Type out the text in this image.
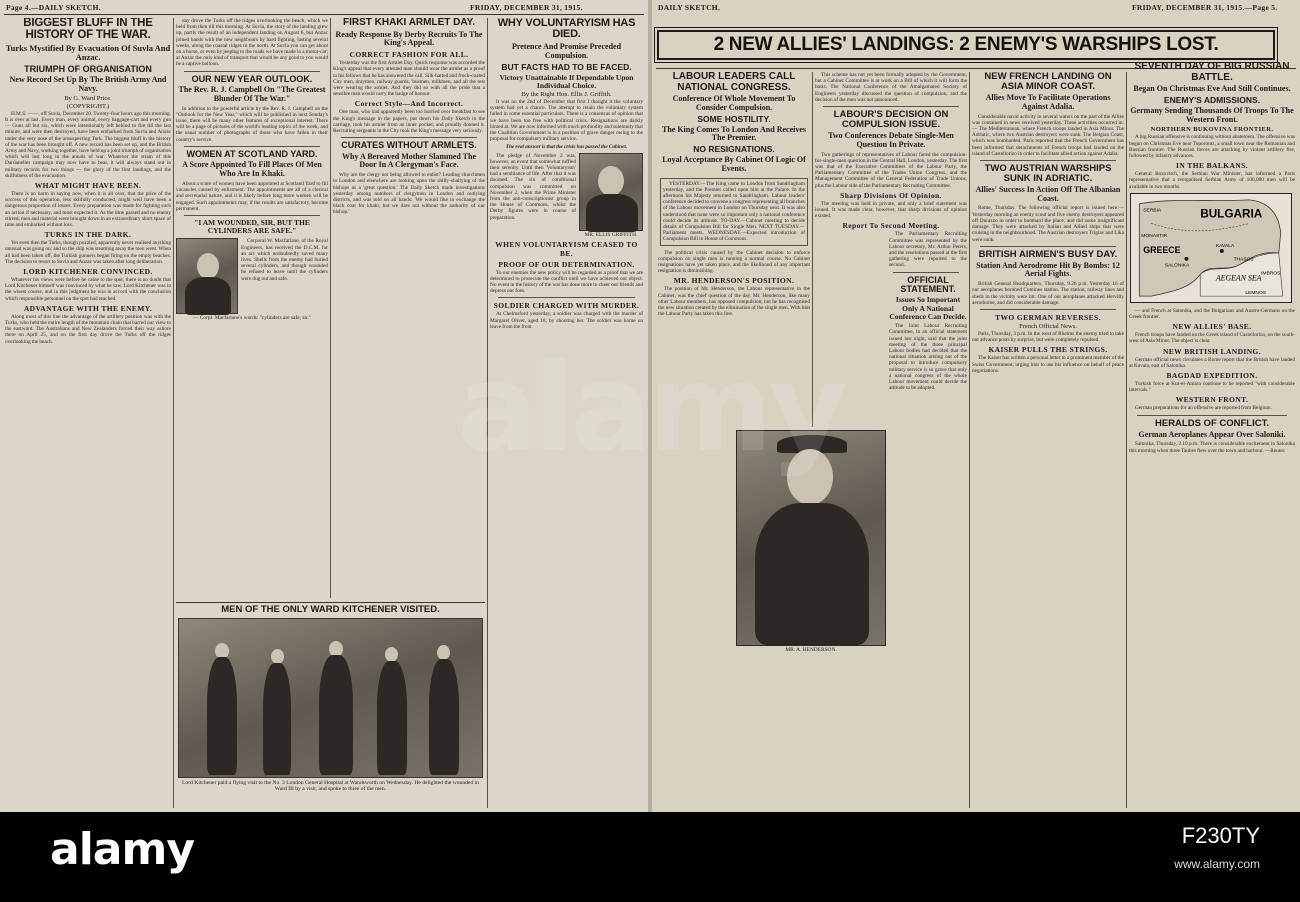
Page 4.—DAILY SKETCH.	FRIDAY, DECEMBER 31, 1915.
BIGGEST BLUFF IN THE HISTORY OF THE WAR.
Turks Mystified By Evacuation Of Suvla And Anzac.
TRIUMPH OF ORGANISATION
New Record Set Up By The British Army And Navy.
By G. Ward Price.
(COPYRIGHT.)

H.M.S. ——, off Suvla, December 20. Twenty-four hours ago this morning. It is over at last. Every man, every animal, every baggage-cart and every gun — Guns all but six, which were intentionally left behind to fire till the last minute, and were then destroyed, have been embarked from Suvla and Anzac under the very nose of the unsuspecting Turk. The biggest bluff in the history of the war has been brought off. A new record has been set up, and the British Army and Navy, working together, have held up a joint triumph of organisation which will last long in the annals of war. Whatever the strain of this Dardanelles campaign may now have to bear, it will always stand out in military records for two things — the glory of the first landings, and the skilfulness of the evacuation.

WHAT MIGHT HAVE BEEN.

There is no harm in saying now, when it is all over, that the price of the success of this operation, less skilfully conducted, might well have been a dangerous proportion of losses. Every preparation was made for fighting such an action if necessary, and most expected it. As the time passed and no enemy stirred, men and material were brought down in an extraordinary short space of time and embarked without loss.

TURKS IN THE DARK.

Yet even then the Turks, though puzzled, apparently never realised anything unusual was going on; and so the ship was steaming away the men went. When all had been taken off, the Turkish gunners began firing on the empty beaches. The decision to resort to Suvla and Anzac was taken after long deliberation.

LORD KITCHENER CONVINCED.

Whatever his views were before he came to the spot, there is no doubt that Lord Kitchener himself was convinced by what he saw. Lord Kitchener was in the wisest course, and in this judgment he was in accord with the conclusion which responsible personnel on the spot had reached.

ADVANTAGE WITH THE ENEMY.

Along most of this line the advantage of the artillery position was with the Turks, who held the entire length of the mountain chain that barred our view to the eastward. The Australians and New Zealanders forced their way ashore there on April 25, and on the first day drove the Turks off the ridges overlooking the beach.

day drove the Turks off the ridges overlooking the beach, which we held from then till this morning. At Suvla, the story of the landing grew up, partly the result of an independent landing on August 6, but Anzac joined hands with the new neighbours by hard fighting, lasting several weeks, along the coastal ridges to the north. At Suvla you can get about on a horse, or even by jeeping to the roads we have made in a motor-car; at Anzac the only kind of transport that would be any good to you would be a captive balloon.

OUR NEW YEAR OUTLOOK.
The Rev. R. J. Campbell On "The Greatest Blunder Of The War."

In addition to the powerful article by the Rev. R. J. Campbell on the "Outlook for the New Year," which will be published in next Sunday's issue, there will be many other features of exceptional interest. There will be a page of pictures of the world's leading topics of the week, and the usual number of photographs of those who have fallen in their country's service.

WOMEN AT SCOTLAND YARD.
A Score Appointed To Fill Places Of Men Who Are In Khaki.

About a score of women have been appointed at Scotland Yard to fill vacancies caused by enlistment. The appointments are all of a clerical and secretarial nature, and it is likely before long more women will be engaged. Such appointments may, if the results are satisfactory, become permanent.

"I AM WOUNDED, SIR, BUT THE CYLINDERS ARE SAFE."

Corporal W. Macfarlane, of the Royal Engineers, has received the D.C.M. for an act which undoubtedly saved many lives. Shells from the enemy had buried several cylinders, and though wounded he refused to leave until the cylinders were dug out and safe.

— Corpl. Macfarlane's words: "cylinders are safe, sir."
FIRST KHAKI ARMLET DAY.
Ready Response By Derby Recruits To The King's Appeal.
CORRECT FASHION FOR ALL.

Yesterday was the first Armlet Day. Quick response was accorded the King's appeal that every attested man should wear the armlet as a proof to his fellows that he has answered the call. Silk-hatted and frock-coated City men, draymen, railway guards, 'busmen, milkmen, and all the rest were wearing the armlet. And they did so with all the pride that a sensible man would carry the badge of honour.

Correct Style—And Incorrect.

One man, who had apparently been too hurried over breakfast to see the King's message in the papers, put down his Daily Sketch in the carriage, took his armlet from an inner pocket, and proudly donned it. Recruiting sergeants in the City took the King's message very seriously.

CURATES WITHOUT ARMLETS.
Why A Bereaved Mother Slammed The Door In A Clergyman's Face.

Why are the clergy not being allowed to enlist? Leading churchmen in London and elsewhere are looking upon the shilly-shallying of the bishops as a 'great question.' The Daily Sketch made investigations yesterday among numbers of clergymen in London and outlying districts, and was told on all hands: 'We would like to exchange the black coat for khaki, but we dare not without the authority of our bishop.'

MEN OF THE ONLY WARD KITCHENER VISITED.
Lord Kitchener paid a flying visit to the No. 3 London General Hospital at Wandsworth on Wednesday. He delighted the wounded in Ward III by a visit, and spoke to three of the men.
WHY VOLUNTARYISM HAS DIED.
Pretence And Promise Preceded Compulsion.
BUT FACTS HAD TO BE FACED.
Victory Unattainable If Dependable Upon Individual Choice.
By the Right Hon. Ellis J. Griffith.

It was on the 2nd of December that first I thought it the voluntary system had yet a chance. The attempt to retain the voluntary system failed in some essential particulars. There is a consensus of opinion that we have been too free with political crisis. Resignations are darkly hinted at. We are now informed with much profundity and solemnity that the Coalition Government is in a position of grave danger owing to the proposal for compulsory military service.

The real answer is that the crisis has passed the Cabinet.

The pledge of November 2 was, however, an event that somewhat ruffled their serenity. Until then 'Voluntaryism' had a semblance of life. After that it was doomed. The sin of conditional compulsion was committed on November 2, when the Prime Minister from the anti-conscriptionist group in the House of Commons, whilst the Derby figures were in course of preparation.

MR. ELLIS GRIFFITH.
WHEN VOLUNTARYISM CEASED TO BE.
PROOF OF OUR DETERMINATION.

To our enemies the new policy will be regarded as a proof that we are determined to prosecute the conflict until we have achieved our object. No event in the history of the war has done more to cheer our friends and depress our foes.

SOLDIER CHARGED WITH MURDER.

At Chelmsford yesterday, a soldier was charged with the murder of Margaret Oliver, aged 18, by shooting her. The soldier was home on leave from the front.

DAILY SKETCH.	FRIDAY, DECEMBER 31, 1915.—Page 5.
2 NEW ALLIES' LANDINGS: 2 ENEMY'S WARSHIPS LOST.
LABOUR LEADERS CALL NATIONAL CONGRESS.
Conference Of Whole Movement To Consider Compulsion.
SOME HOSTILITY.
The King Comes To London And Receives The Premier.
NO RESIGNATIONS.
Loyal Acceptance By Cabinet Of Logic Of Events.

YESTERDAY.—The King came to London from Sandringham yesterday, and the Premier called upon him at the Palace. In the afternoon his Majesty returned to Sandringham. Labour leaders' conference decided to convene a congress representing all branches of the Labour movement in London on Thursday next. It was also understood that none were so important only a national conference could decide its attitude. TO-DAY.—Cabinet meeting to decide details of Compulsion Bill for Single Men. NEXT TUESDAY.—Parliament meets. WEDNESDAY.—Expected introduction of Compulsion Bill in House of Commons.

The political crisis caused by the Cabinet decision to enforce compulsion on single men is running a normal course. No Cabinet resignations have yet taken place, and the likelihood of any important resignation is diminishing.

MR. HENDERSON'S POSITION.

The position of Mr. Henderson, the Labour representative in the Cabinet, was the chief question of the day. Mr. Henderson, like many other Labour members, has opposed compulsion; but he has recognised the new situation created by the elimination of the single men. With him the Labour Party has taken this line.

MR. A. HENDERSON.

This scheme has not yet been formally adopted by the Government, but a Cabinet Committee is at work on a Bill of which it will form the basis. The National Conference of the Amalgamated Society of Engineers yesterday discussed the question of compulsion, and the decision of the men was not announced.

LABOUR'S DECISION ON COMPULSION ISSUE.
Two Conferences Debate Single-Men Question In Private.

Two gatherings of representatives of Labour faced the compulsion-for-single-men question in the Central Hall, London, yesterday. The first was that of the Executive Committees of the Labour Party, the Parliamentary Committee of the Trades Union Congress, and the Management Committee of the General Federation of Trade Unions, plus the Labour side of the Parliamentary Recruiting Committee.

Sharp Divisions Of Opinion.

The meeting was held in private, and only a brief statement was issued. It was made clear, however, that sharp divisions of opinion existed.

Report To Second Meeting.

The Parliamentary Recruiting Committee was represented by the Labour secretary, Mr. Arthur Peters, and the resolutions passed at the first gathering were reported to the second.

OFFICIAL STATEMENT.
Issues So Important Only A National Conference Can Decide.

The Joint Labour Recruiting Committee, in an official statement issued last night, said that the joint meeting of the three principal Labour bodies had decided that the national situation arising out of the proposal to introduce compulsory military service is so grave that only a national congress of the whole Labour movement could decide the attitude to be adopted.

NEW FRENCH LANDING ON ASIA MINOR COAST.
Allies Move To Facilitate Operations Against Adalia.

Considerable naval activity in several waters on the part of the Allies was contained in news received yesterday. These activities occurred in:— The Mediterranean, where French troops landed in Asia Minor. The Adriatic, where two Austrian destroyers were sunk. The Belgian Coast, which was bombarded. Paris reported that the French Government has been informed that detachments of French troops had landed on the island of Castellorizo in order to facilitate allied action against Adalia.

TWO AUSTRIAN WARSHIPS SUNK IN ADRIATIC.
Allies' Success In Action Off The Albanian Coast.

Rome, Thursday. The following official report is issued here:— Yesterday morning an enemy scout and five enemy destroyers appeared off Durazzo in order to bombard the place, and did some insignificant damage. They were attacked by Italian and Allied ships that were cruising in the neighbourhood. The Austrian destroyers Triglav and Lika were sunk.

BRITISH AIRMEN'S BUSY DAY.
Station And Aerodrome Hit By Bombs: 12 Aerial Fights.

British General Headquarters, Thursday, 9.26 p.m. Yesterday 16 of our aeroplanes bombed Comines station. The station, railway lines and sheds in the vicinity were hit. One of our aeroplanes attacked Hervilly aerodrome, and did considerable damage.

TWO GERMAN REVERSES.
French Official News.

Paris, Thursday, 3 p.m. In the west of Rheims the enemy tried to take our advance posts by surprise, but were completely repulsed.

KAISER PULLS THE STRINGS.

The Kaiser has written a personal letter to a prominent member of the Swiss Government, urging him to use his influence on behalf of peace negotiations.

SEVENTH DAY OF BIG RUSSIAN BATTLE.
Began On Christmas Eve And Still Continues.
ENEMY'S ADMISSIONS.
Germany Sending Thousands Of Troops To The Western Front.
NORTHERN BUKOVINA FRONTIER.

A big Russian offensive is continuing without abatement. The offensive was begun on Christmas Eve near Toporoutz, a small town near the Rumanian and Russian frontier. The Russian forces are attacking by violent artillery fire, followed by infantry advances.

IN THE BALKANS.

General Bozovitch, the Serbian War Minister, has informed a Paris representative that a reorganised Serbian Army of 100,000 men will be available in two months.

BULGARIA
GREECE
SERBIA
KAVALA
SALONIKA
AEGEAN SEA
LEMNOS
THASOS
IMBROS
MONASTIR

— and French at Salonika, and the Bulgarians and Austro-Germans on the Greek frontier.

NEW ALLIES' BASE.

French troops have landed on the Greek island of Castellorizo, on the south-west of Asia Minor. The object is clear.

NEW BRITISH LANDING.

German official news circulates a Rome report that the British have landed at Kavala, east of Salonika.

BAGDAD EXPEDITION.

Turkish force at Kut-el-Amara continue to be reported "with considerable intervals."

WESTERN FRONT.

German preparations for an offensive are reported from Belgium.

HERALDS OF CONFLICT.
German Aeroplanes Appear Over Saloniki.

Salonika, Thursday, 2.10 p.m. There is considerable excitement in Salonika this morning when three Taubes flew over the town and harbour. —Reuter.

alamy	F230TY
www.alamy.com
